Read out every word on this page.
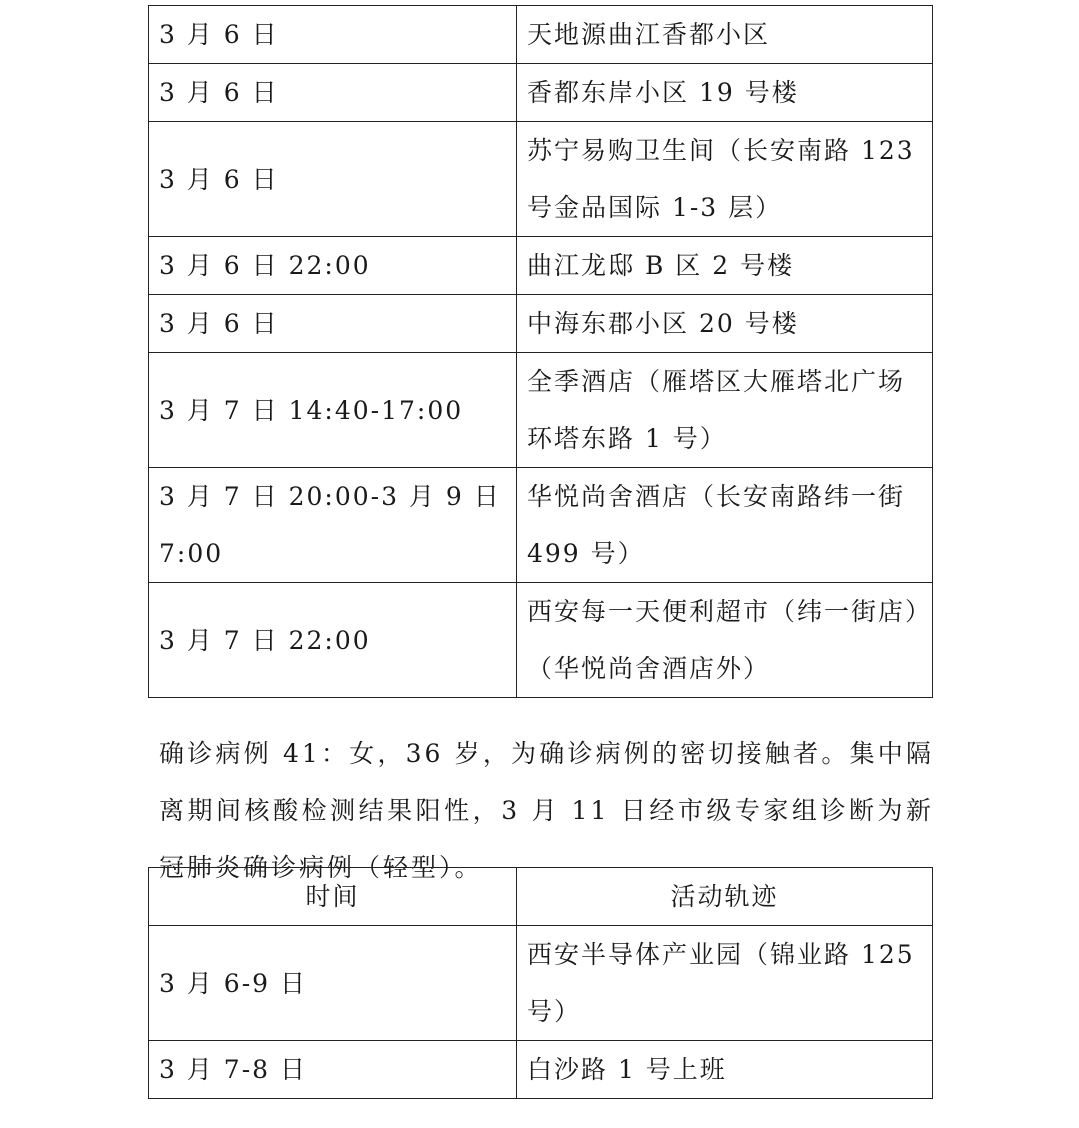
3 月 6 日	天地源曲江香都小区
3 月 6 日	香都东岸小区 19 号楼
3 月 6 日	苏宁易购卫生间（长安南路 123 号金品国际 1-3 层）
3 月 6 日 22:00	曲江龙邸 B 区 2 号楼
3 月 6 日	中海东郡小区 20 号楼
3 月 7 日 14:40-17:00	全季酒店（雁塔区大雁塔北广场环塔东路 1 号）
3 月 7 日 20:00-3 月 9 日 7:00	华悦尚舍酒店（长安南路纬一街 499 号）
3 月 7 日 22:00	西安每一天便利超市（纬一街店）（华悦尚舍酒店外）

确诊病例 41：女，36 岁，为确诊病例的密切接触者。集中隔离期间核酸检测结果阳性，3 月 11 日经市级专家组诊断为新冠肺炎确诊病例（轻型）。

时间	活动轨迹
3 月 6-9 日	西安半导体产业园（锦业路 125 号）
3 月 7-8 日	白沙路 1 号上班
